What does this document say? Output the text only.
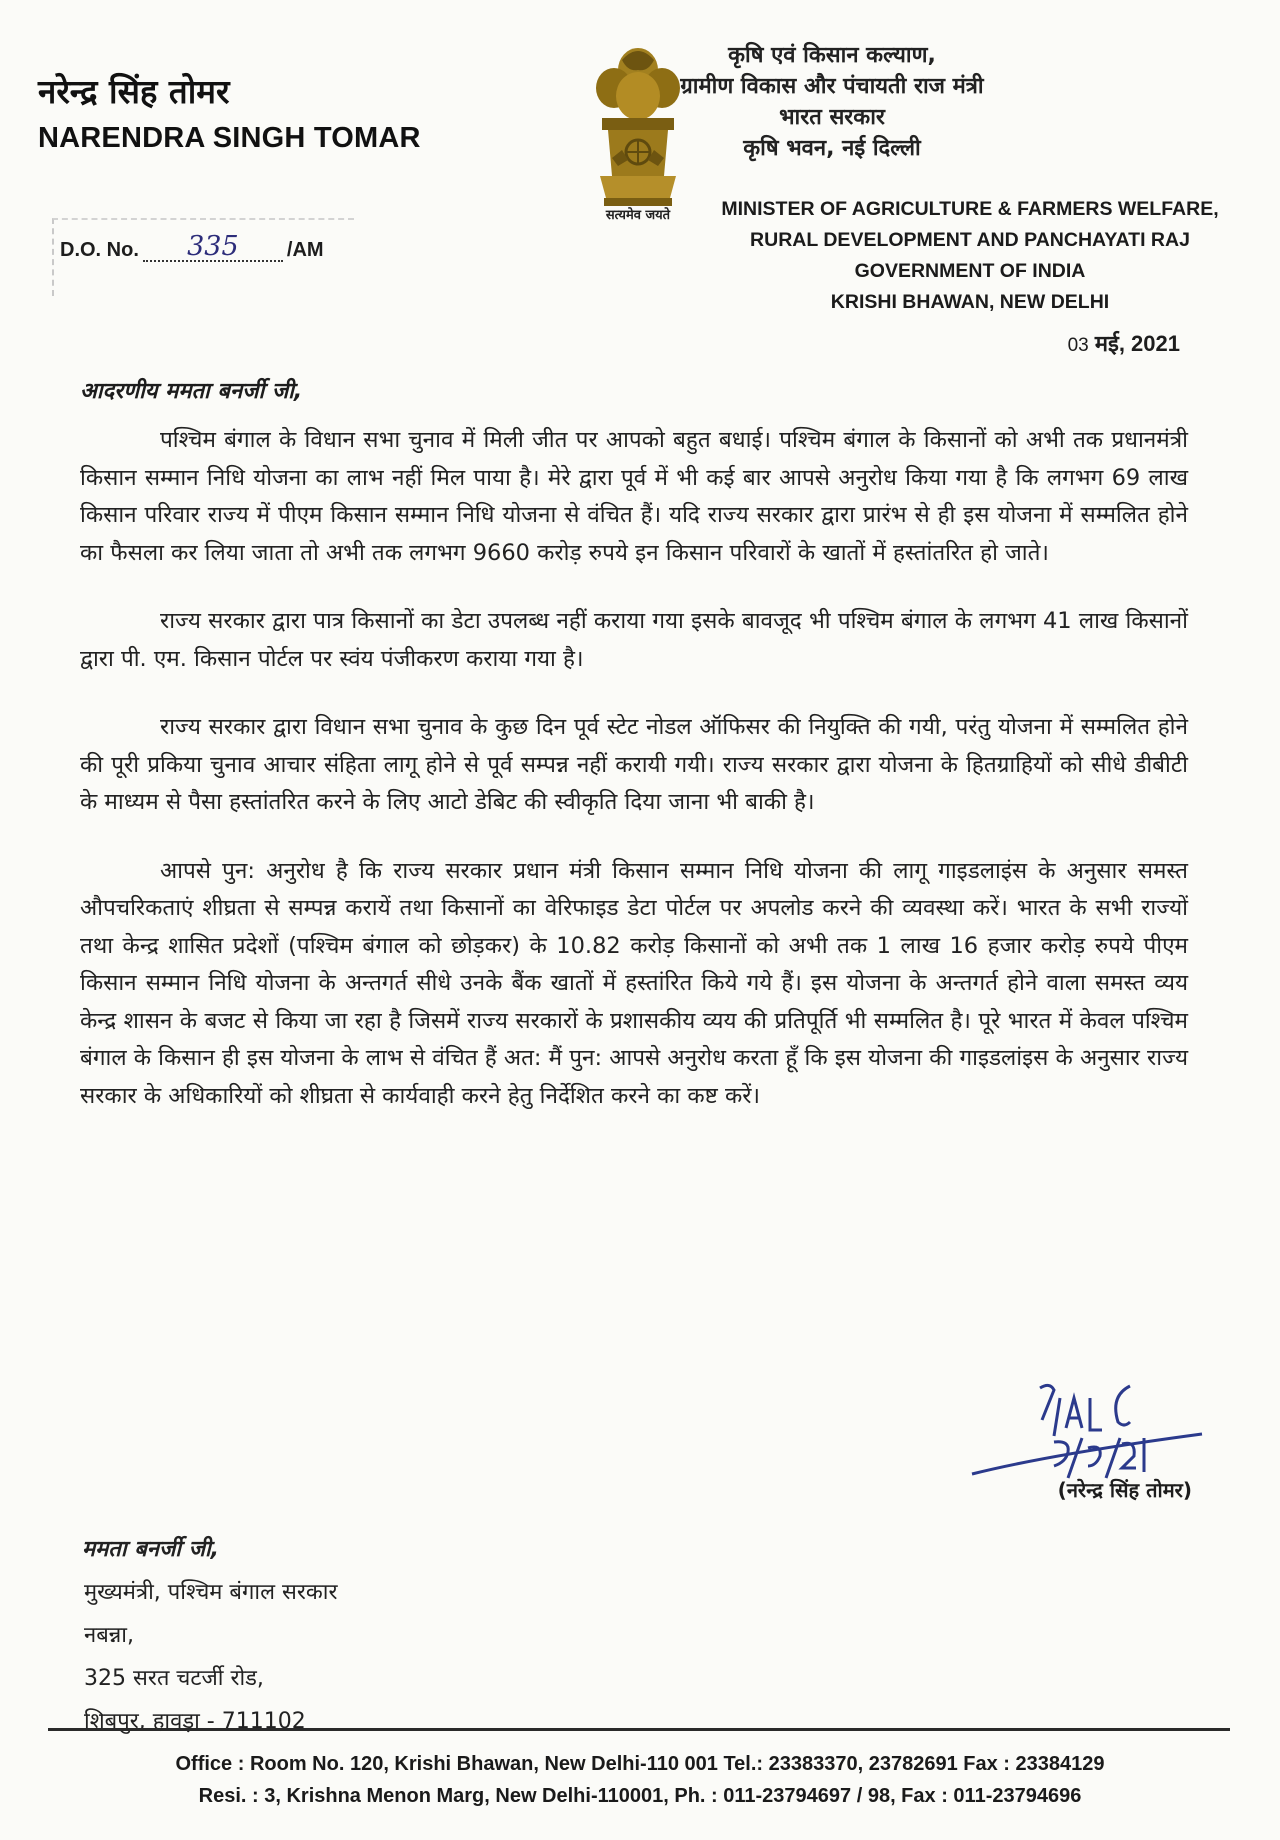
नरेन्द्र सिंह तोमर
NARENDRA SINGH TOMAR
D.O. No.	335	/AM
सत्यमेव जयते
कृषि एवं किसान कल्याण,
ग्रामीण विकास और पंचायती राज मंत्री
भारत सरकार
कृषि भवन, नई दिल्ली
MINISTER OF AGRICULTURE & FARMERS WELFARE,
RURAL DEVELOPMENT AND PANCHAYATI RAJ
GOVERNMENT OF INDIA
KRISHI BHAWAN, NEW DELHI
03 मई, 2021
आदरणीय ममता बनर्जी जी,

पश्चिम बंगाल के विधान सभा चुनाव में मिली जीत पर आपको बहुत बधाई। पश्चिम बंगाल के किसानों को अभी तक प्रधानमंत्री किसान सम्मान निधि योजना का लाभ नहीं मिल पाया है। मेरे द्वारा पूर्व में भी कई बार आपसे अनुरोध किया गया है कि लगभग 69 लाख किसान परिवार राज्य में पीएम किसान सम्मान निधि योजना से वंचित हैं। यदि राज्य सरकार द्वारा प्रारंभ से ही इस योजना में सम्मलित होने का फैसला कर लिया जाता तो अभी तक लगभग 9660 करोड़ रुपये इन किसान परिवारों के खातों में हस्तांतरित हो जाते।

राज्य सरकार द्वारा पात्र किसानों का डेटा उपलब्ध नहीं कराया गया इसके बावजूद भी पश्चिम बंगाल के लगभग 41 लाख किसानों द्वारा पी. एम. किसान पोर्टल पर स्वंय पंजीकरण कराया गया है।

राज्य सरकार द्वारा विधान सभा चुनाव के कुछ दिन पूर्व स्टेट नोडल ऑफिसर की नियुक्ति की गयी, परंतु योजना में सम्मलित होने की पूरी प्रकिया चुनाव आचार संहिता लागू होने से पूर्व सम्पन्न नहीं करायी गयी। राज्य सरकार द्वारा योजना के हितग्राहियों को सीधे डीबीटी के माध्यम से पैसा हस्तांतरित करने के लिए आटो डेबिट की स्वीकृति दिया जाना भी बाकी है।

आपसे पुन: अनुरोध है कि राज्य सरकार प्रधान मंत्री किसान सम्मान निधि योजना की लागू गाइडलाइंस के अनुसार समस्त औपचरिकताएं शीघ्रता से सम्पन्न करायें तथा किसानों का वेरिफाइड डेटा पोर्टल पर अपलोड करने की व्यवस्था करें। भारत के सभी राज्यों तथा केन्द्र शासित प्रदेशों (पश्चिम बंगाल को छोड़कर) के 10.82 करोड़ किसानों को अभी तक 1 लाख 16 हजार करोड़ रुपये पीएम किसान सम्मान निधि योजना के अन्तगर्त सीधे उनके बैंक खातों में हस्तांरित किये गये हैं। इस योजना के अन्तगर्त होने वाला समस्त व्यय केन्द्र शासन के बजट से किया जा रहा है जिसमें राज्य सरकारों के प्रशासकीय व्यय की प्रतिपूर्ति भी सम्मलित है। पूरे भारत में केवल पश्चिम बंगाल के किसान ही इस योजना के लाभ से वंचित हैं अत: मैं पुन: आपसे अनुरोध करता हूँ कि इस योजना की गाइडलांइस के अनुसार राज्य सरकार के अधिकारियों को शीघ्रता से कार्यवाही करने हेतु निर्देशित करने का कष्ट करें।

(नरेन्द्र सिंह तोमर)
ममता बनर्जी जी,
मुख्यमंत्री, पश्चिम बंगाल सरकार
नबन्ना,
325 सरत चटर्जी रोड,
शिबपुर, हावड़ा - 711102
Office : Room No. 120, Krishi Bhawan, New Delhi-110 001 Tel.: 23383370, 23782691 Fax : 23384129
Resi. : 3, Krishna Menon Marg, New Delhi-110001, Ph. : 011-23794697 / 98, Fax : 011-23794696
